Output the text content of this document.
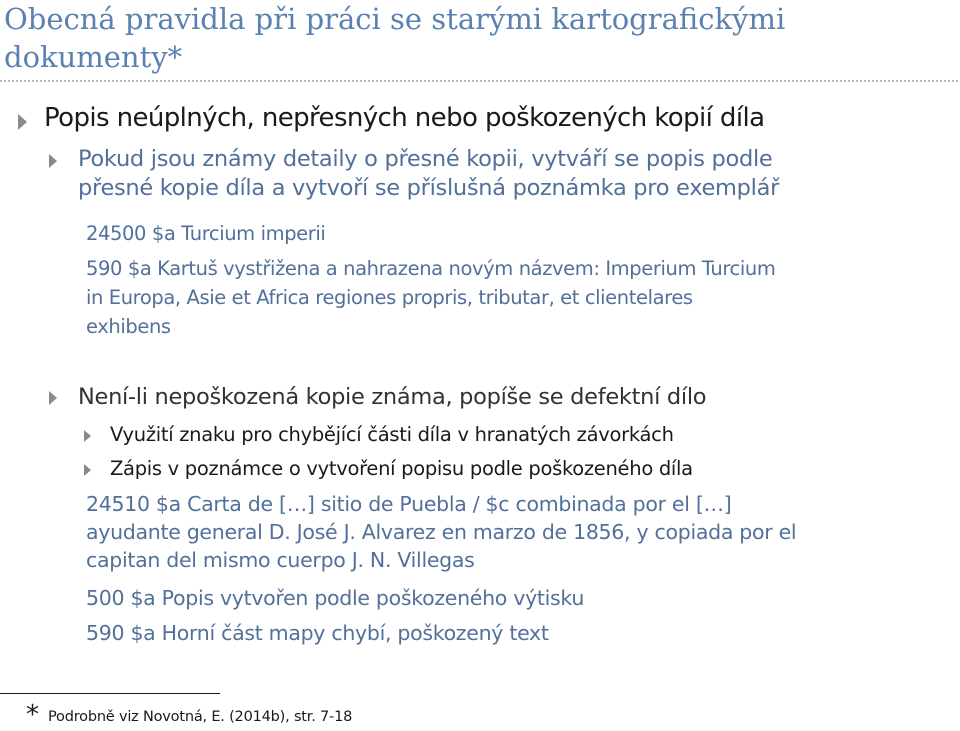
Obecná pravidla při práci se starými kartografickými
dokumenty*
Popis neúplných, nepřesných nebo poškozených kopií díla
Pokud jsou známy detaily o přesné kopii, vytváří se popis podle
přesné kopie díla a vytvoří se příslušná poznámka pro exemplář
24500 $a Turcium imperii
590 $a Kartuš vystřižena a nahrazena novým názvem: Imperium Turcium
in Europa, Asie et Africa regiones propris, tributar, et clientelares
exhibens
Není-li nepoškozená kopie známa, popíše se defektní dílo
Využití znaku pro chybějící části díla v hranatých závorkách
Zápis v poznámce o vytvoření popisu podle poškozeného díla
24510 $a Carta de […] sitio de Puebla / $c combinada por el […]
ayudante general D. José J. Alvarez en marzo de 1856, y copiada por el
capitan del mismo cuerpo J. N. Villegas
500 $a Popis vytvořen podle poškozeného výtisku
590 $a Horní část mapy chybí, poškozený text
* Podrobně viz Novotná, E. (2014b), str. 7-18
